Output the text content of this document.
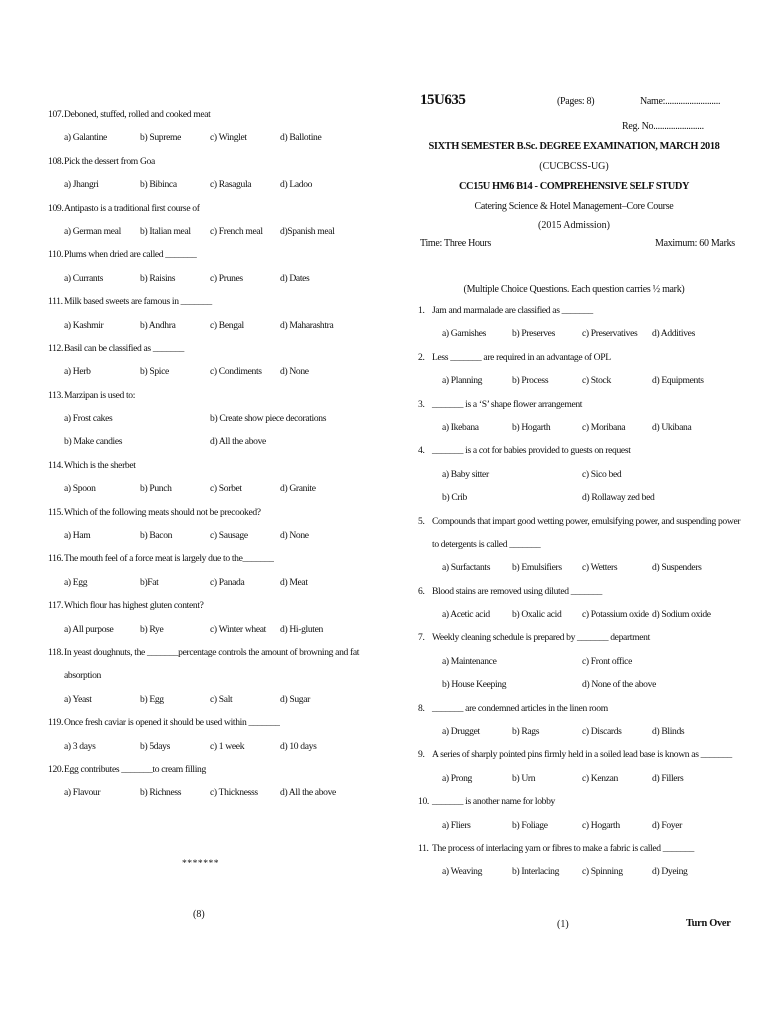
107. Deboned, stuffed, rolled and cooked meat
a) Galantine	b) Supreme	c) Winglet	d) Ballotine
108. Pick the dessert from Goa
a) Jhangri	b) Bibinca	c) Rasagula	d) Ladoo
109. Antipasto is a traditional first course of
a) German meal b) Italian meal c) French meal d)Spanish meal
110. Plums when dried are called _______
a) Currants	b) Raisins	c) Prunes	d) Dates
111. Milk based sweets are famous in _______
a) Kashmir	b) Andhra	c) Bengal	d) Maharashtra
112. Basil can be classified as _______
a) Herb	b) Spice	c) Condiments d) None
113. Marzipan is used to:
a) Frost cakes	b) Create show piece decorations
b) Make candies	d) All the above
114. Which is the sherbet
a) Spoon	b) Punch	c) Sorbet	d) Granite
115. Which of the following meats should not be precooked?
a) Ham	b) Bacon	c) Sausage	d) None
116. The mouth feel of a force meat is largely due to the_______
a) Egg	b)Fat	c) Panada	d) Meat
117. Which flour has highest gluten content?
a) All purpose	b) Rye	c) Winter wheat d) Hi-gluten
118. In yeast doughnuts, the _______percentage controls the amount of browning and fat
absorption
a) Yeast	b) Egg	c) Salt	d) Sugar
119. Once fresh caviar is opened it should be used within _______
a) 3 days	b) 5days	c) 1 week	d) 10 days
120. Egg contributes _______to cream filling
a) Flavour	b) Richness	c) Thicknesss d) All the above
*******
(8)
15U635	(Pages: 8)	Name:.........................
Reg. No.......................
SIXTH SEMESTER B.Sc. DEGREE EXAMINATION, MARCH 2018
(CUCBCSS-UG)
CC15U HM6 B14 - COMPREHENSIVE SELF STUDY
Catering Science & Hotel Management–Core Course
(2015 Admission)
Time: Three Hours	Maximum: 60 Marks
(Multiple Choice Questions. Each question carries ½ mark)
1. Jam and marmalade are classified as _______
a) Garnishes	b) Preserves	c) Preservatives d) Additives
2. Less _______ are required in an advantage of OPL
a) Planning	b) Process	c) Stock	d) Equipments
3. _______ is a ‘S’ shape flower arrangement
a) Ikebana	b) Hogarth	c) Moribana	d) Ukibana
4. _______ is a cot for babies provided to guests on request
a) Baby sitter	c) Sico bed
b) Crib	d) Rollaway zed bed
5. Compounds that impart good wetting power, emulsifying power, and suspending power
to detergents is called _______
a) Surfactants b) Emulsifiers c) Wetters	d) Suspenders
6. Blood stains are removed using diluted _______
a) Acetic acid b) Oxalic acid c) Potassium oxide d) Sodium oxide
7. Weekly cleaning schedule is prepared by _______ department
a) Maintenance	c) Front office
b) House Keeping	d) None of the above
8. _______ are condemned articles in the linen room
a) Drugget	b) Rags	c) Discards	d) Blinds
9. A series of sharply pointed pins firmly held in a soiled lead base is known as _______
a) Prong	b) Urn	c) Kenzan	d) Fillers
10. _______ is another name for lobby
a) Fliers	b) Foliage	c) Hogarth	d) Foyer
11. The process of interlacing yarn or fibres to make a fabric is called _______
a) Weaving	b) Interlacing c) Spinning	d) Dyeing
(1)	Turn Over
